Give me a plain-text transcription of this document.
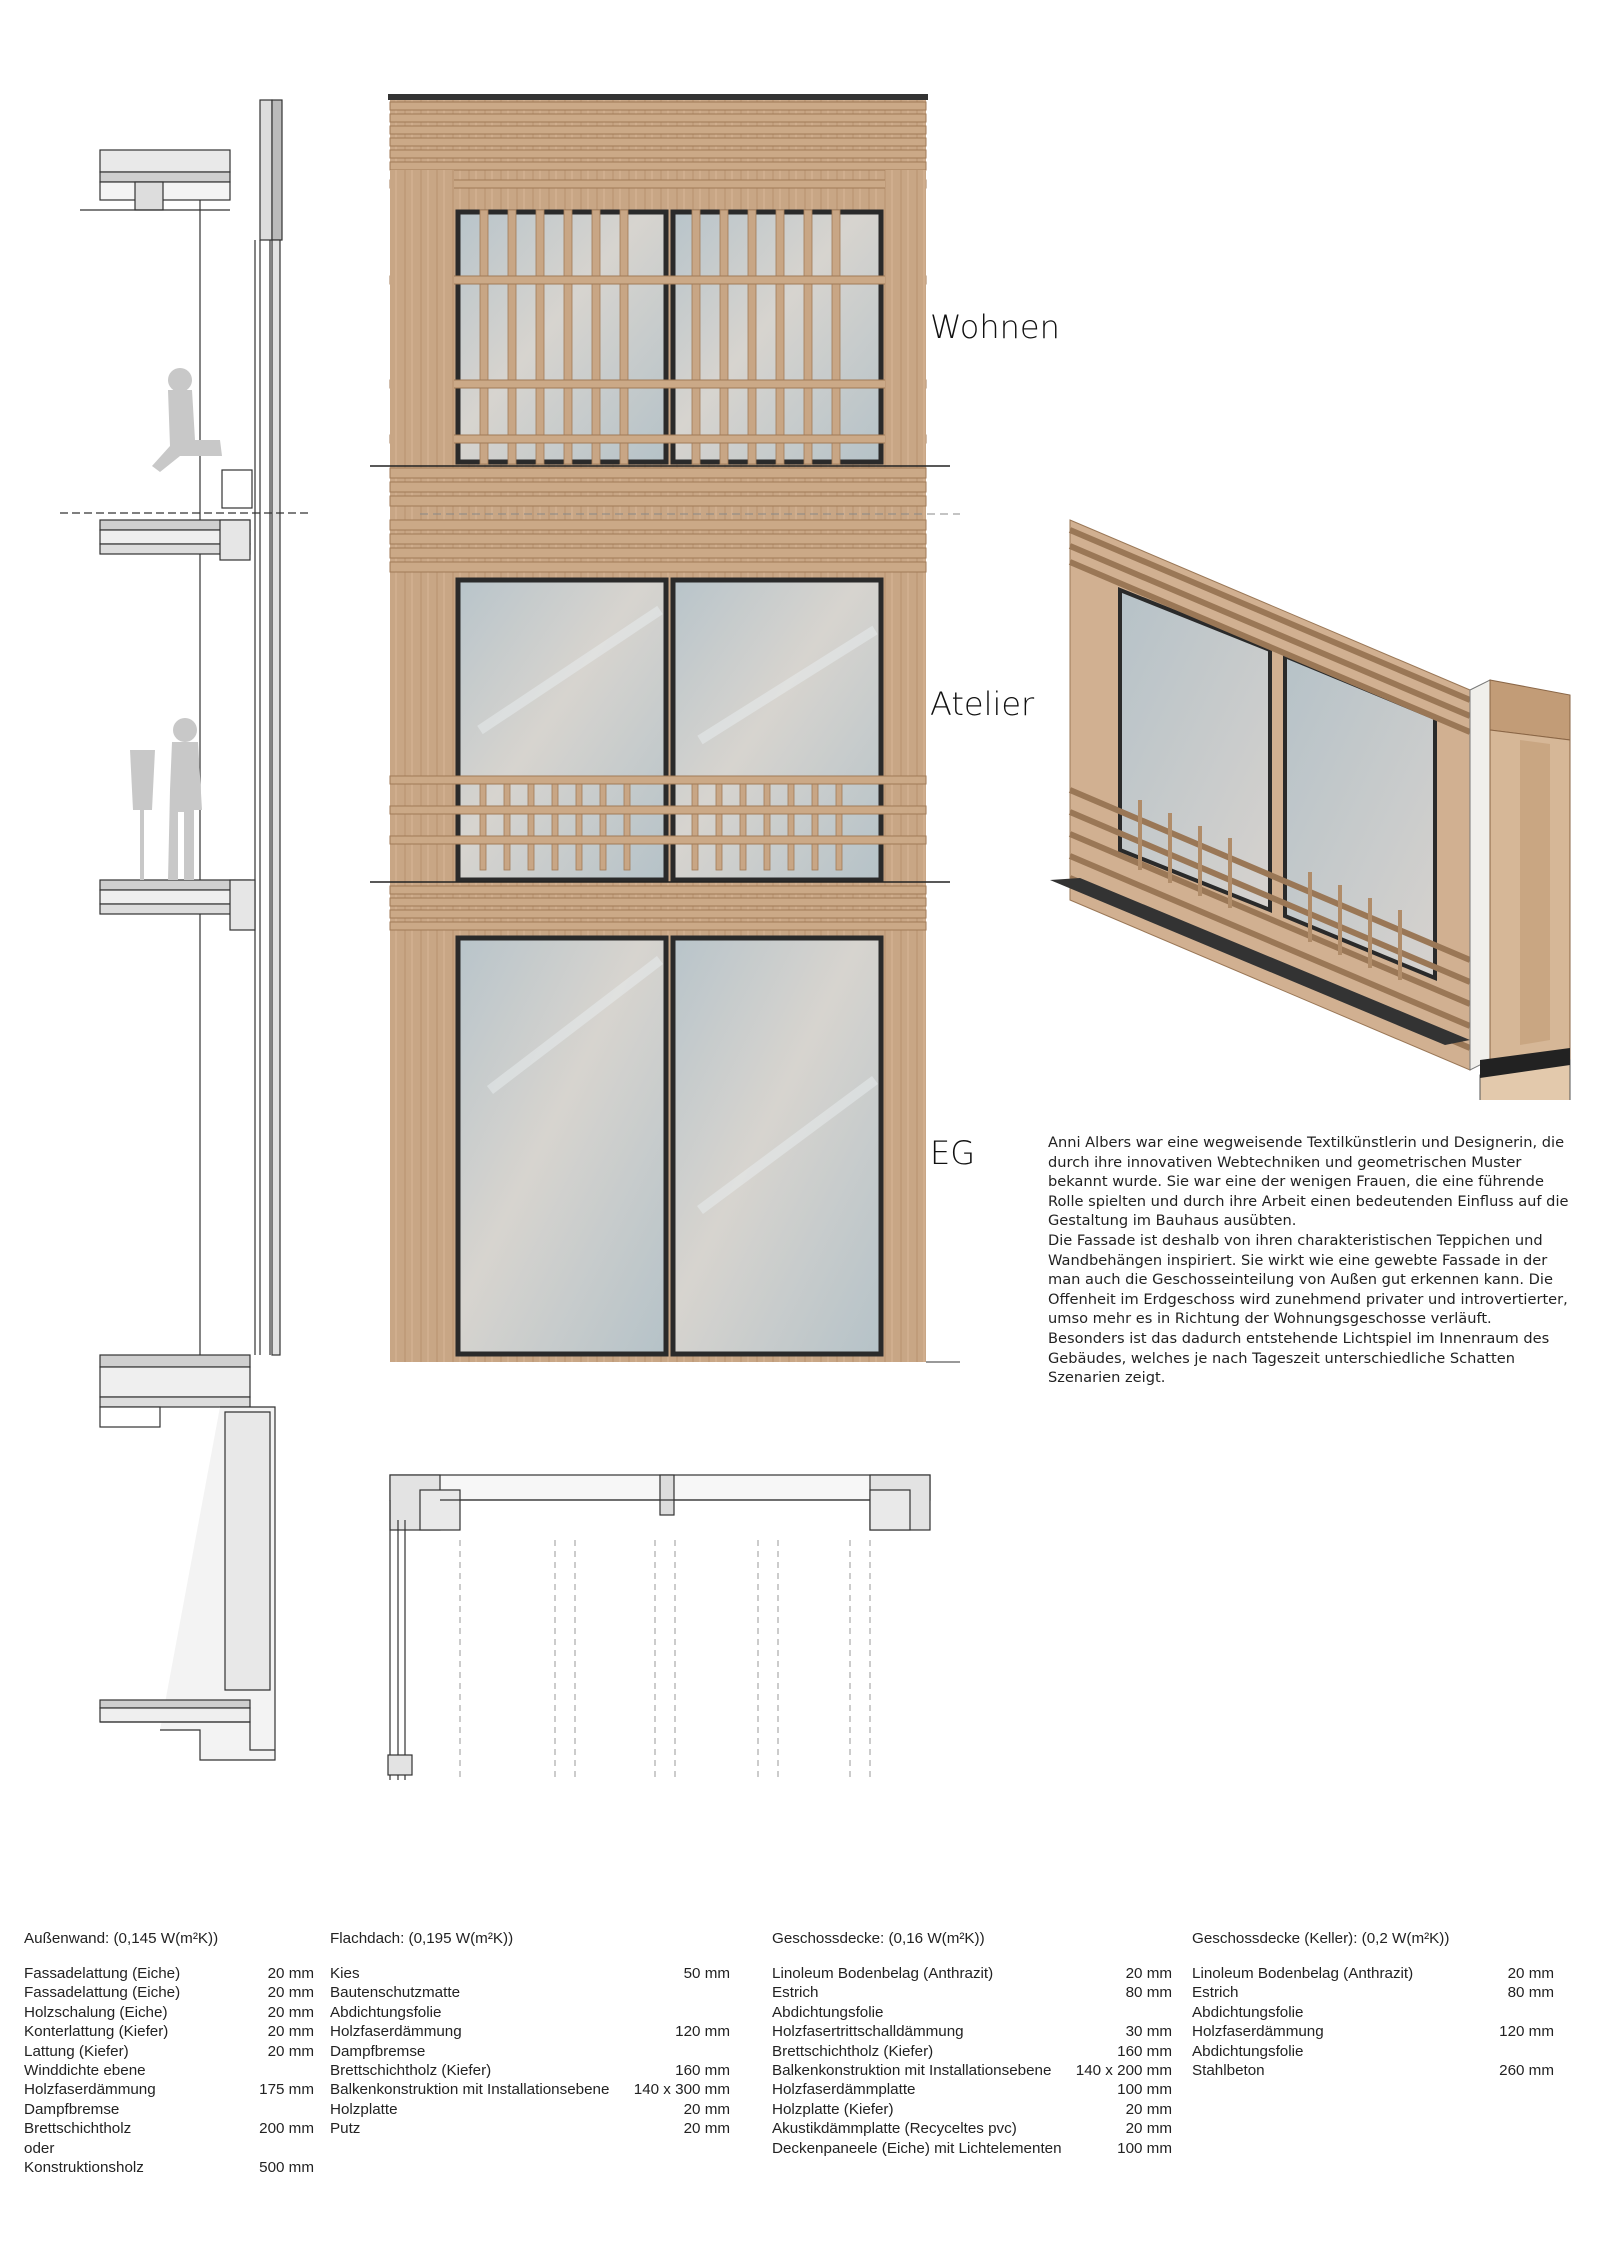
Wohnen
Atelier
EG	Anni Albers war eine wegweisende Textilkünstlerin und Designerin, die durch ihre innovativen Webtechniken und geometrischen Muster bekannt wurde. Sie war eine der wenigen Frauen, die eine führende Rolle spielten und durch ihre Arbeit einen bedeutenden Einfluss auf die Gestaltung im Bauhaus ausübten.

Die Fassade ist deshalb von ihren charakteristischen Teppichen und Wandbehängen inspiriert. Sie wirkt wie eine gewebte Fassade in der man auch die Geschosseinteilung von Außen gut erkennen kann. Die Offenheit im Erdgeschoss wird zunehmend privater und introvertierter, umso mehr es in Richtung der Wohnungsgeschosse verläuft.

Besonders ist das dadurch entstehende Lichtspiel im Innenraum des Gebäudes, welches je nach Tageszeit unterschiedliche Schatten Szenarien zeigt.

Außenwand: (0,145 W(m²K))
Fassadelattung (Eiche)	20 mm
Fassadelattung (Eiche)	20 mm
Holzschalung (Eiche)	20 mm
Konterlattung (Kiefer)	20 mm
Lattung (Kiefer)	20 mm
Winddichte ebene
Holzfaserdämmung	175 mm
Dampfbremse
Brettschichtholz	200 mm
oder
Konstruktionsholz	500 mm
Flachdach: (0,195 W(m²K))
Kies	50 mm
Bautenschutzmatte
Abdichtungsfolie
Holzfaserdämmung	120 mm
Dampfbremse
Brettschichtholz (Kiefer)	160 mm
Balkenkonstruktion mit Installationsebene 140 x 300 mm
Holzplatte	20 mm
Putz	20 mm
Geschossdecke: (0,16 W(m²K))
Linoleum Bodenbelag (Anthrazit)	20 mm
Estrich	80 mm
Abdichtungsfolie
Holzfasertrittschalldämmung	30 mm
Brettschichtholz (Kiefer)	160 mm
Balkenkonstruktion mit Installationsebene 140 x 200 mm
Holzfaserdämmplatte	100 mm
Holzplatte (Kiefer)	20 mm
Akustikdämmplatte (Recyceltes pvc)	20 mm
Deckenpaneele (Eiche) mit Lichtelementen	100 mm
Geschossdecke (Keller): (0,2 W(m²K))
Linoleum Bodenbelag (Anthrazit)	20 mm
Estrich	80 mm
Abdichtungsfolie
Holzfaserdämmung	120 mm
Abdichtungsfolie
Stahlbeton	260 mm
